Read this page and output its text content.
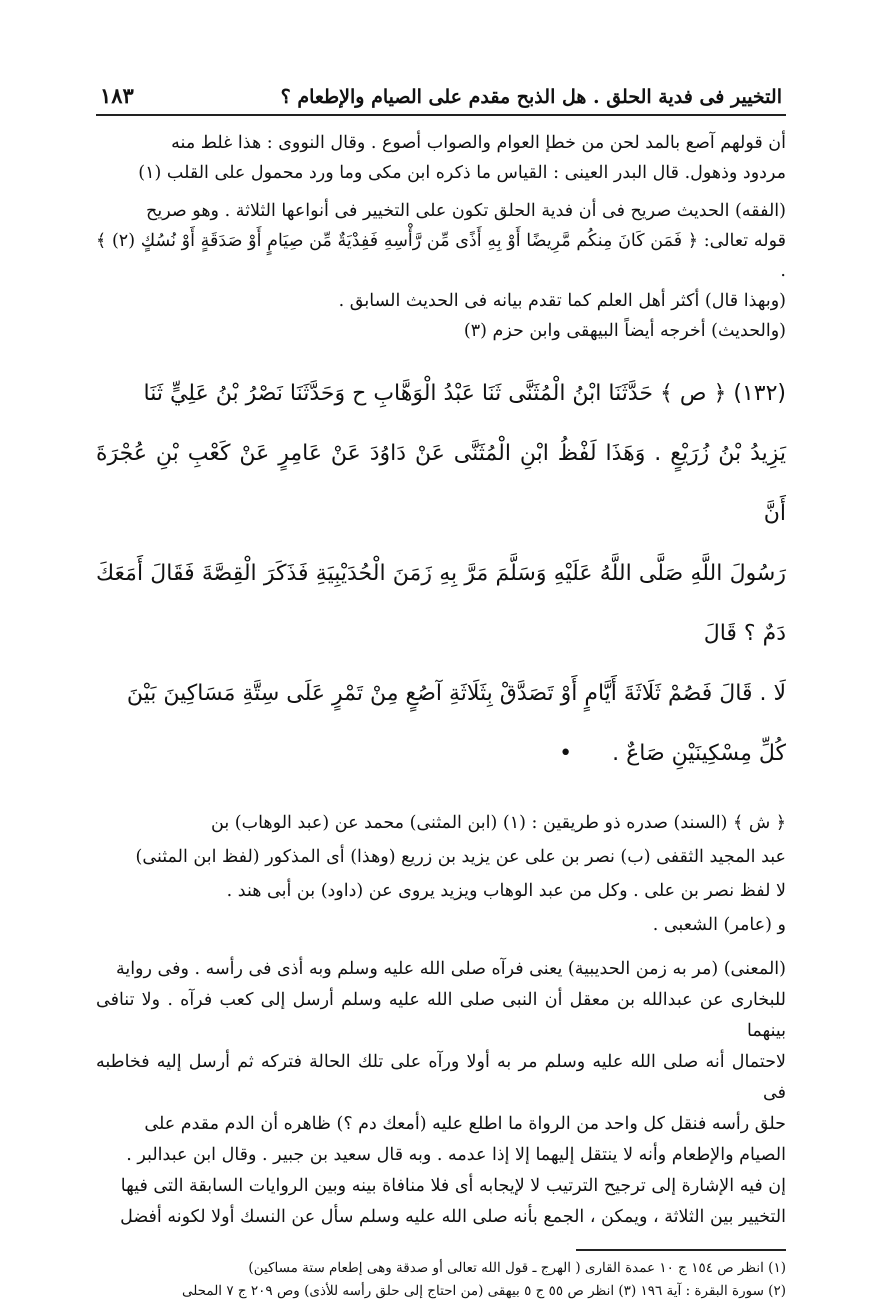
التخيير فى فدية الحلق . هل الذبح مقدم على الصيام والإطعام ؟
١٨٣

أن قولهم آصع بالمد لحن من خطإ العوام والصواب أصوع . وقال النووى : هذا غلط منه

مردود وذهول. قال البدر العينى : القياس ما ذكره ابن مكى وما ورد محمول على القلب (١)

(الفقه) الحديث صريح فى أن فدية الحلق تكون على التخيير فى أنواعها الثلاثة . وهو صريح

قوله تعالى: ﴿ فَمَن كَانَ مِنكُم مَّرِيضًا أَوْ بِهِ أَذًى مِّن رَّأْسِهِ فَفِدْيَةٌ مِّن صِيَامٍ أَوْ صَدَقَةٍ أَوْ نُسُكٍ (٢) ﴾ .

(وبهذا قال) أكثر أهل العلم كما تقدم بيانه فى الحديث السابق .

(والحديث) أخرجه أيضاً البيهقى وابن حزم (٣)

(١٣٢) ﴿ ص ﴾ حَدَّثَنَا ابْنُ الْمُثَنَّى ثَنَا عَبْدُ الْوَهَّابِ ح وَحَدَّثَنَا نَصْرُ بْنُ عَلِيٍّ ثَنَا

يَزِيدُ بْنُ زُرَيْعٍ . وَهَذَا لَفْظُ ابْنِ الْمُثَنَّى عَنْ دَاوُدَ عَنْ عَامِرٍ عَنْ كَعْبِ بْنِ عُجْرَةَ أَنَّ

رَسُولَ اللَّهِ صَلَّى اللَّهُ عَلَيْهِ وَسَلَّمَ مَرَّ بِهِ زَمَنَ الْحُدَيْبِيَةِ فَذَكَرَ الْقِصَّةَ فَقَالَ أَمَعَكَ دَمٌ ؟ قَالَ

لَا . قَالَ فَصُمْ ثَلَاثَةَ أَيَّامٍ أَوْ تَصَدَّقْ بِثَلَاثَةِ آصُعٍ مِنْ تَمْرٍ عَلَى سِتَّةِ مَسَاكِينَ بَيْنَ

كُلِّ مِسْكِينَيْنِ صَاعٌ .•

﴿ ش ﴾ (السند) صدره ذو طريقين : (١) (ابن المثنى) محمد عن (عبد الوهاب) بن

عبد المجيد الثقفى (ب) نصر بن على عن يزيد بن زريع (وهذا) أى المذكور (لفظ ابن المثنى)

لا لفظ نصر بن على . وكل من عبد الوهاب ويزيد يروى عن (داود) بن أبى هند .

و (عامر) الشعبى .

(المعنى) (مر به زمن الحديبية) يعنى فرآه صلى الله عليه وسلم وبه أذى فى رأسه . وفى رواية

للبخارى عن عبدالله بن معقل أن النبى صلى الله عليه وسلم أرسل إلى كعب فرآه . ولا تنافى بينهما

لاحتمال أنه صلى الله عليه وسلم مر به أولا ورآه على تلك الحالة فتركه ثم أرسل إليه فخاطبه فى

حلق رأسه فنقل كل واحد من الرواة ما اطلع عليه (أمعك دم ؟) ظاهره أن الدم مقدم على

الصيام والإطعام وأنه لا ينتقل إليهما إلا إذا عدمه . وبه قال سعيد بن جبير . وقال ابن عبدالبر .

إن فيه الإشارة إلى ترجيح الترتيب لا لإيجابه أى فلا منافاة بينه وبين الروايات السابقة التى فيها

التخيير بين الثلاثة ، ويمكن ، الجمع بأنه صلى الله عليه وسلم سأل عن النسك أولا لكونه أفضل

(١) انظر ص ١٥٤ ج ١٠ عمدة القارى ( الهرج ـ قول الله تعالى أو صدقة وهى إطعام ستة مساكين)

(٢) سورة البقرة : آية ١٩٦ (٣) انظر ص ٥٥ ج ٥ بيهقى (من احتاج إلى حلق رأسه للأذى) وص ٢٠٩ ج ٧ المحلى
